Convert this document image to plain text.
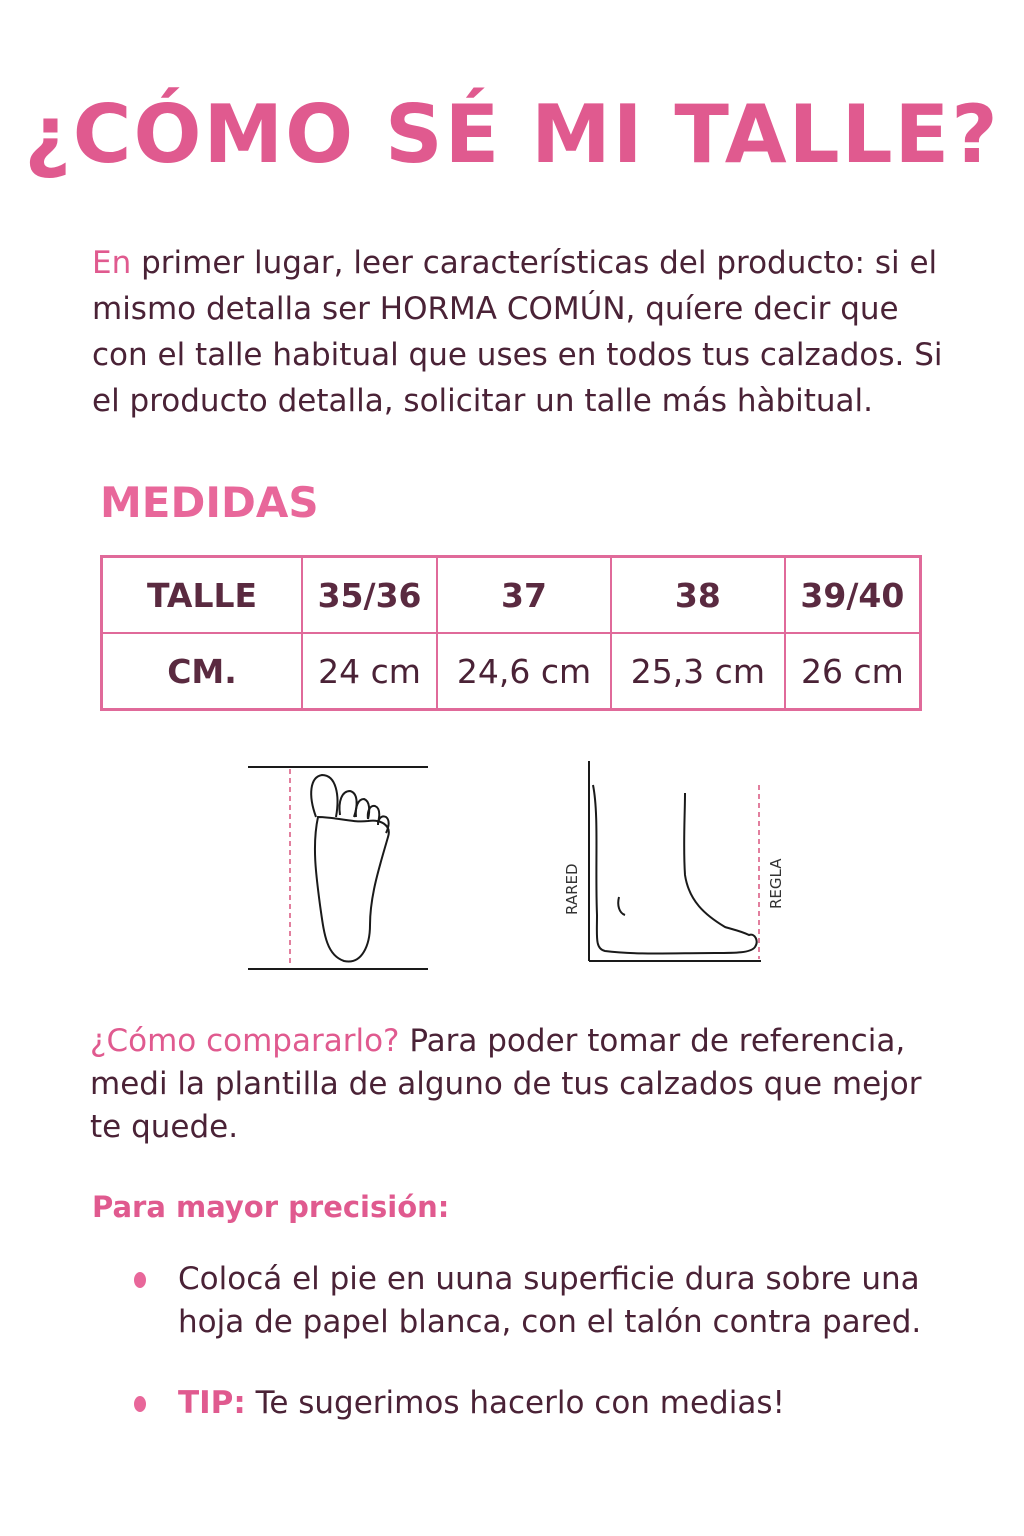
¿CÓMO SÉ MI TALLE?

En primer lugar, leer características del producto: si el mismo detalla ser HORMA COMÚN, quíere decir que con el talle habitual que uses en todos tus calzados. Si el producto detalla, solicitar un talle más hàbitual.

MEDIDAS
TALLE	35/36	37	38	39/40
CM.	24 cm	24,6 cm	25,3 cm	26 cm
RARED	REGLA

¿Cómo compararlo? Para poder tomar de referencia, medi la plantilla de alguno de tus calzados que mejor te quede.

Para mayor precisión:
Colocá el pie en uuna superficie dura sobre una hoja de papel blanca, con el talón contra pared.
TIP: Te sugerimos hacerlo con medias!
